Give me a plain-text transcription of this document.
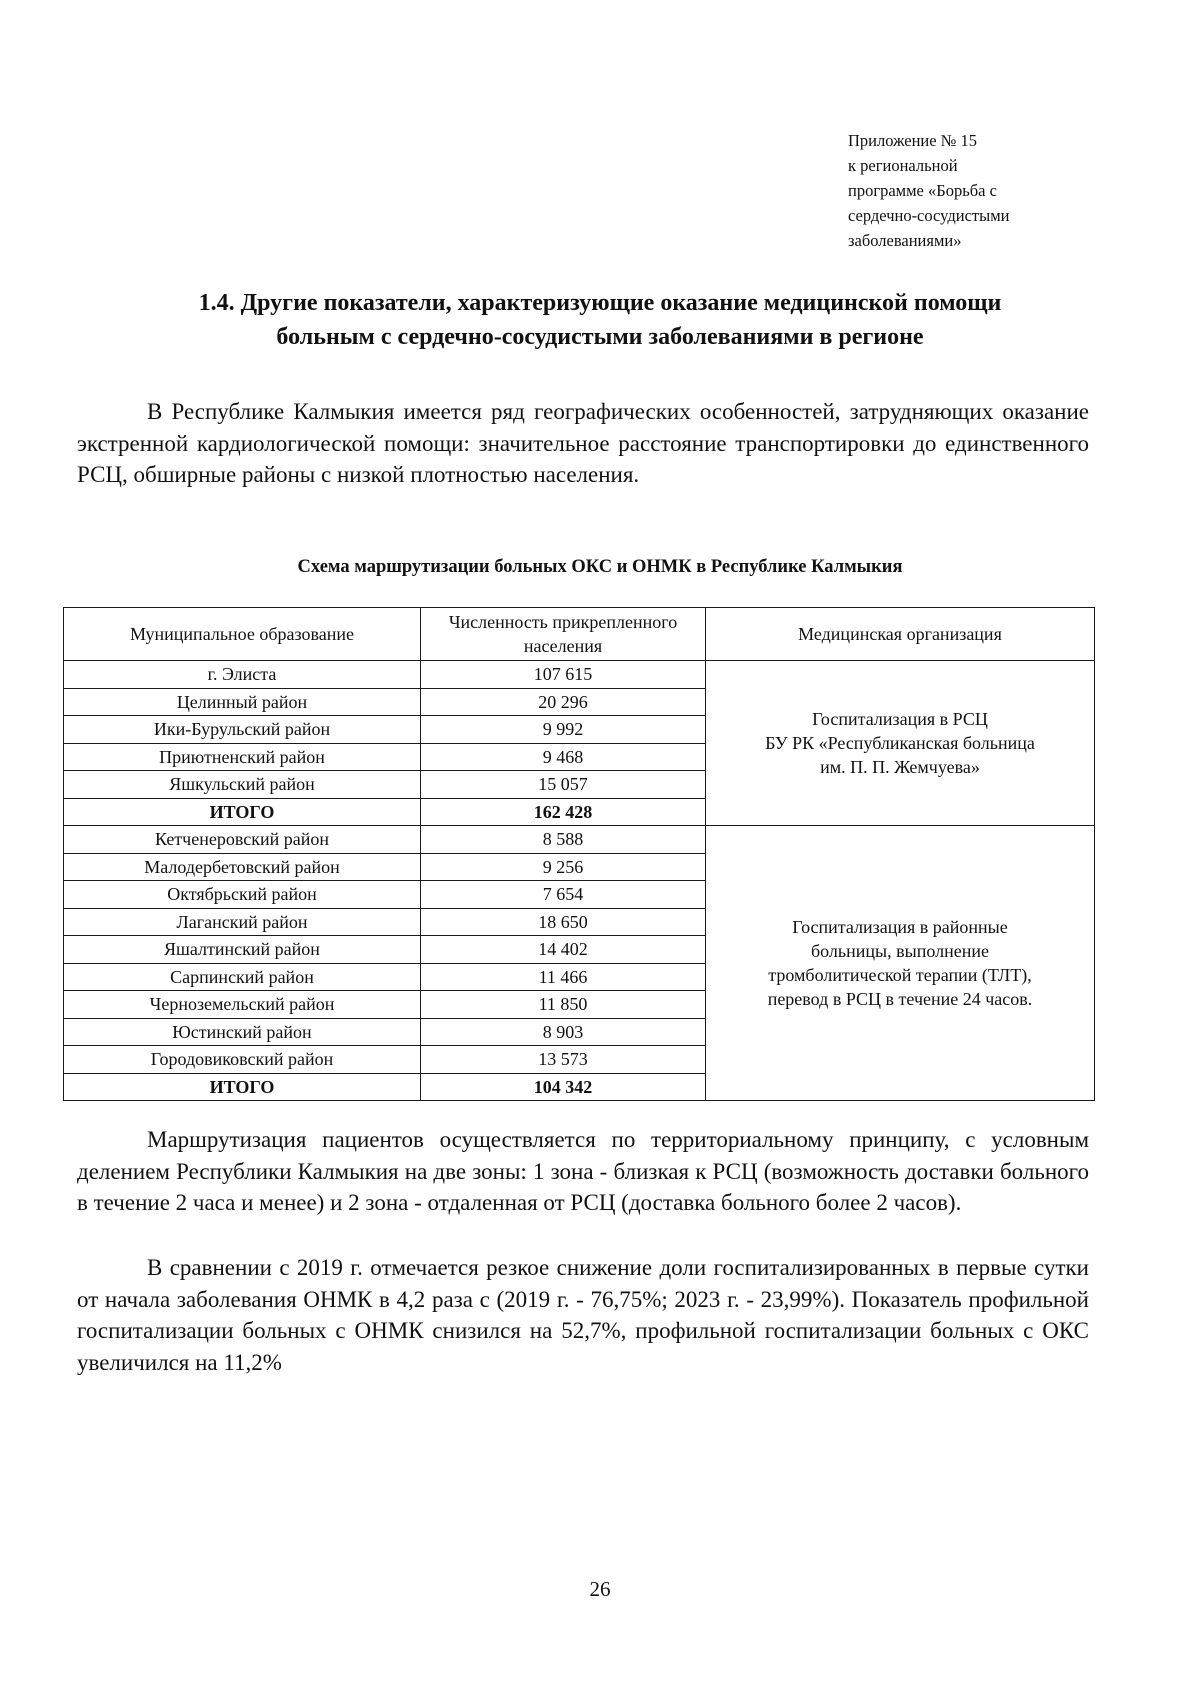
Приложение № 15
к региональной
программе «Борьба с
сердечно-сосудистыми
заболеваниями»
1.4. Другие показатели, характеризующие оказание медицинской помощи
больным с сердечно-сосудистыми заболеваниями в регионе

В Республике Калмыкия имеется ряд географических особенностей, затрудняющих оказание экстренной кардиологической помощи: значительное расстояние транспортировки до единственного РСЦ, обширные районы с низкой плотностью населения.

Схема маршрутизации больных ОКС и ОНМК в Республике Калмыкия
Муниципальное образование	Численность прикрепленного населения	Медицинская организация
г. Элиста	107 615	Госпитализация в РСЦ
БУ РК «Республиканская больница
им. П. П. Жемчуева»

Целинный район	20 296	
Ики-Бурульский район	9 992	
Приютненский район	9 468	
Яшкульский район	15 057	
ИТОГО	162 428	
Кетченеровский район	8 588	Госпитализация в районные
больницы, выполнение
тромболитической терапии (ТЛТ),
перевод в РСЦ в течение 24 часов.

Малодербетовский район	9 256	
Октябрьский район	7 654	
Лаганский район	18 650	
Яшалтинский район	14 402	
Сарпинский район	11 466	
Черноземельский район	11 850	
Юстинский район	8 903	
Городовиковский район	13 573	
ИТОГО	104 342	

Маршрутизация пациентов осуществляется по территориальному принципу, с условным делением Республики Калмыкия на две зоны: 1 зона - близкая к РСЦ (возможность доставки больного в течение 2 часа и менее) и 2 зона - отдаленная от РСЦ (доставка больного более 2 часов).

В сравнении с 2019 г. отмечается резкое снижение доли госпитализированных в первые сутки от начала заболевания ОНМК в 4,2 раза с (2019 г. - 76,75%; 2023 г. - 23,99%). Показатель профильной госпитализации больных с ОНМК снизился на 52,7%, профильной госпитализации больных с ОКС увеличился на 11,2%

26
